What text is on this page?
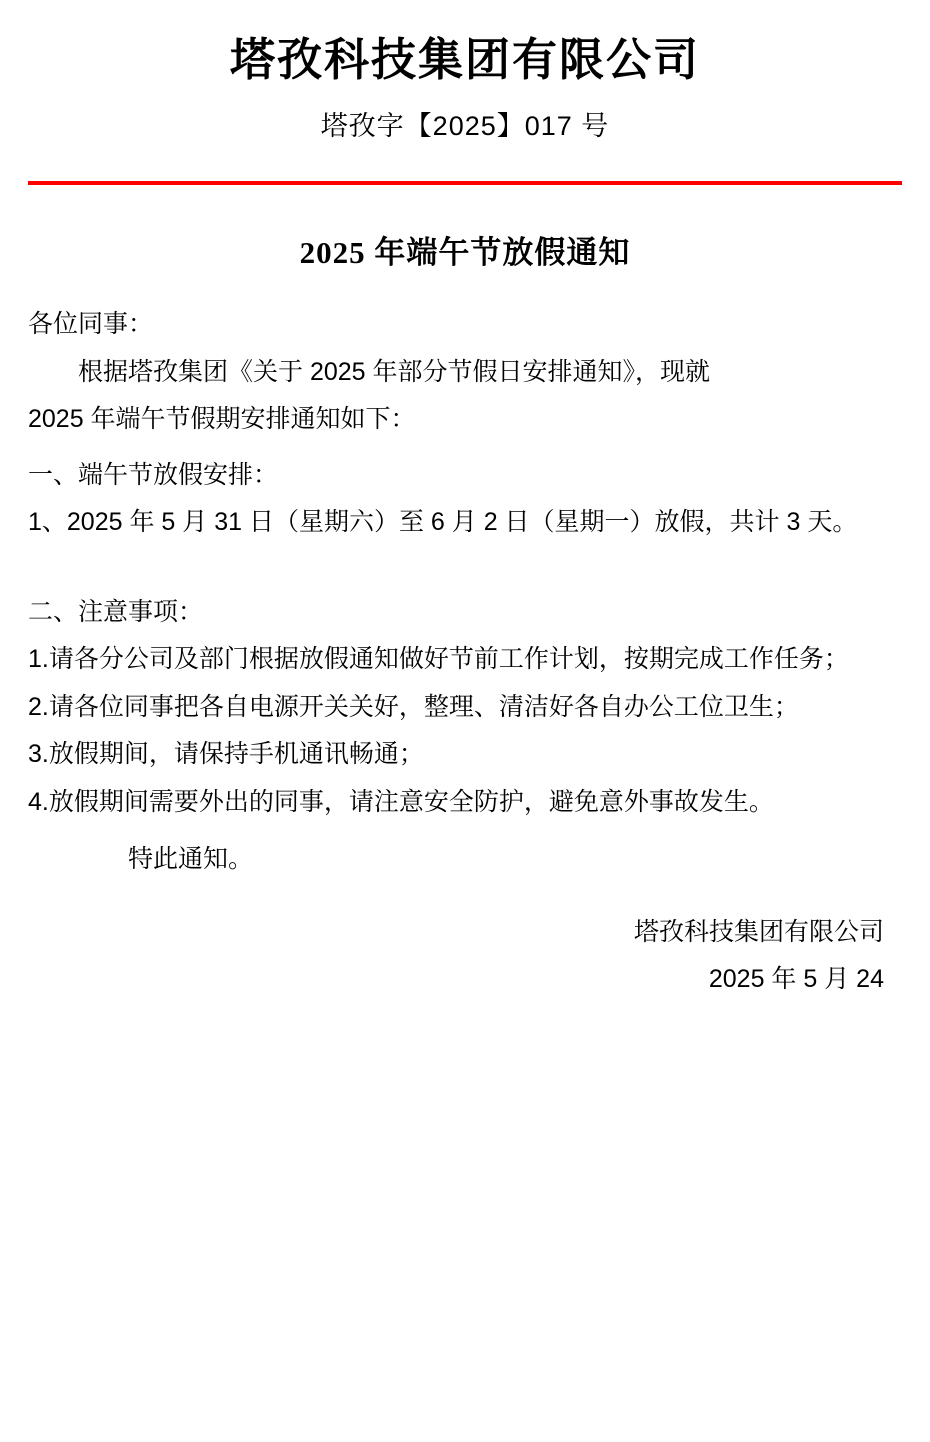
塔孜科技集团有限公司
塔孜字【2025】017 号
2025 年端午节放假通知

各位同事：

根据塔孜集团《关于 2025 年部分节假日安排通知》，现就

2025 年端午节假期安排通知如下：

一、端午节放假安排：

1、2025 年 5 月 31 日（星期六）至 6 月 2 日（星期一）放假，共计 3 天。

二、注意事项：

1.请各分公司及部门根据放假通知做好节前工作计划，按期完成工作任务；

2.请各位同事把各自电源开关关好，整理、清洁好各自办公工位卫生；

3.放假期间，请保持手机通讯畅通；

4.放假期间需要外出的同事，请注意安全防护，避免意外事故发生。

特此通知。

塔孜科技集团有限公司
2025 年 5 月 24
